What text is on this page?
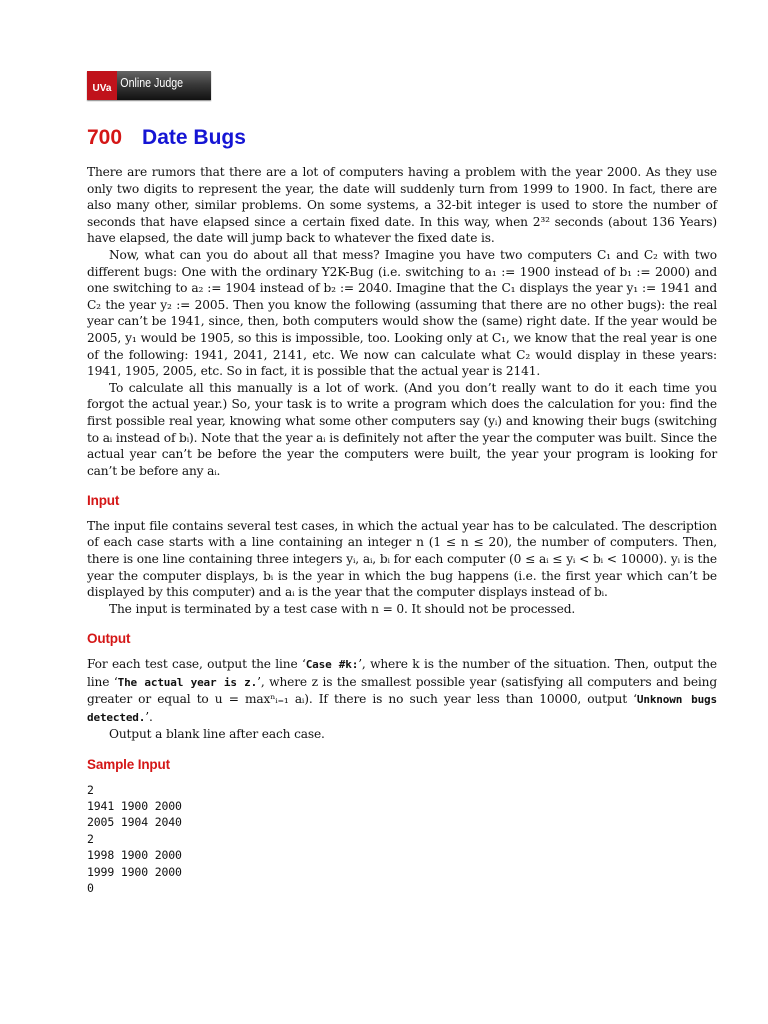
UVa Online Judge
700 Date Bugs

There are rumors that there are a lot of computers having a problem with the year 2000. As they use only two digits to represent the year, the date will suddenly turn from 1999 to 1900. In fact, there are also many other, similar problems. On some systems, a 32-bit integer is used to store the number of seconds that have elapsed since a certain fixed date. In this way, when 2³² seconds (about 136 Years) have elapsed, the date will jump back to whatever the fixed date is.

Now, what can you do about all that mess? Imagine you have two computers C₁ and C₂ with two different bugs: One with the ordinary Y2K-Bug (i.e. switching to a₁ := 1900 instead of b₁ := 2000) and one switching to a₂ := 1904 instead of b₂ := 2040. Imagine that the C₁ displays the year y₁ := 1941 and C₂ the year y₂ := 2005. Then you know the following (assuming that there are no other bugs): the real year can’t be 1941, since, then, both computers would show the (same) right date. If the year would be 2005, y₁ would be 1905, so this is impossible, too. Looking only at C₁, we know that the real year is one of the following: 1941, 2041, 2141, etc. We now can calculate what C₂ would display in these years: 1941, 1905, 2005, etc. So in fact, it is possible that the actual year is 2141.

To calculate all this manually is a lot of work. (And you don’t really want to do it each time you forgot the actual year.) So, your task is to write a program which does the calculation for you: find the first possible real year, knowing what some other computers say (yᵢ) and knowing their bugs (switching to aᵢ instead of bᵢ). Note that the year aᵢ is definitely not after the year the computer was built. Since the actual year can’t be before the year the computers were built, the year your program is looking for can’t be before any aᵢ.

Input

The input file contains several test cases, in which the actual year has to be calculated. The description of each case starts with a line containing an integer n (1 ≤ n ≤ 20), the number of computers. Then, there is one line containing three integers yᵢ, aᵢ, bᵢ for each computer (0 ≤ aᵢ ≤ yᵢ < bᵢ < 10000). yᵢ is the year the computer displays, bᵢ is the year in which the bug happens (i.e. the first year which can’t be displayed by this computer) and aᵢ is the year that the computer displays instead of bᵢ.

The input is terminated by a test case with n = 0. It should not be processed.

Output

For each test case, output the line ‘Case #k:’, where k is the number of the situation. Then, output the line ‘The actual year is z.’, where z is the smallest possible year (satisfying all computers and being greater or equal to u = maxⁿᵢ₌₁ aᵢ). If there is no such year less than 10000, output ‘Unknown bugs detected.’.

Output a blank line after each case.

Sample Input
2
1941 1900 2000
2005 1904 2040
2
1998 1900 2000
1999 1900 2000
0
